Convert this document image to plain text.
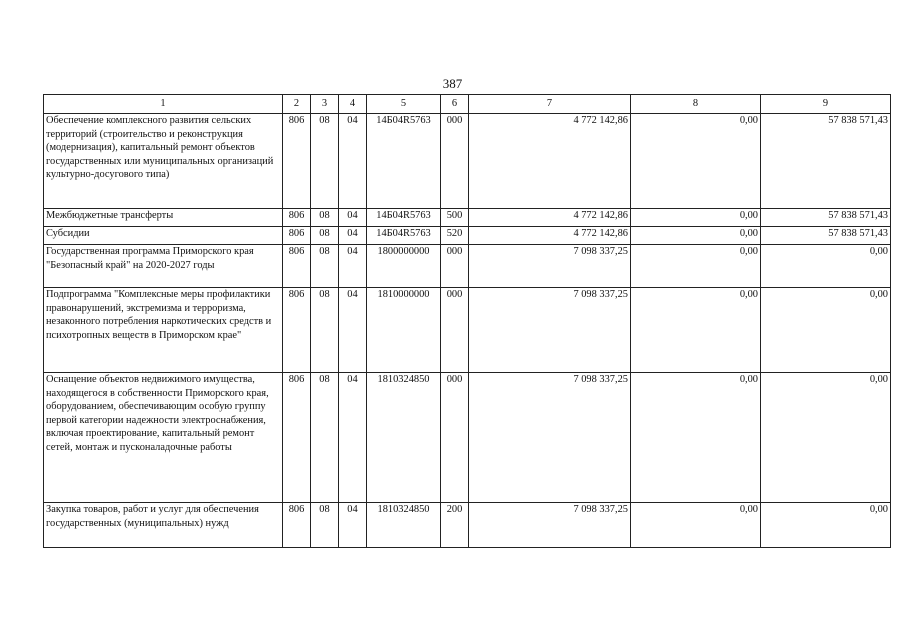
387
1	2	3	4	5	6	7	8	9
Обеспечение комплексного развития сельских территорий (строительство и реконструкция (модернизация), капитальный ремонт объектов государственных или муниципальных организаций культурно-досугового типа)	806	08	04	14Б04R5763	000	4 772 142,86	0,00	57 838 571,43
Межбюджетные трансферты	806	08	04	14Б04R5763	500	4 772 142,86	0,00	57 838 571,43
Субсидии	806	08	04	14Б04R5763	520	4 772 142,86	0,00	57 838 571,43
Государственная программа Приморского края "Безопасный край" на 2020-2027 годы	806	08	04	1800000000	000	7 098 337,25	0,00	0,00
Подпрограмма "Комплексные меры профилактики правонарушений, экстремизма и терроризма, незаконного потребления наркотических средств и психотропных веществ в Приморском крае"	806	08	04	1810000000	000	7 098 337,25	0,00	0,00
Оснащение объектов недвижимого имущества, находящегося в собственности Приморского края, оборудованием, обеспечивающим особую группу первой категории надежности электроснабжения, включая проектирование, капитальный ремонт сетей, монтаж и пусконаладочные работы	806	08	04	1810324850	000	7 098 337,25	0,00	0,00
Закупка товаров, работ и услуг для обеспечения государственных (муниципальных) нужд	806	08	04	1810324850	200	7 098 337,25	0,00	0,00
